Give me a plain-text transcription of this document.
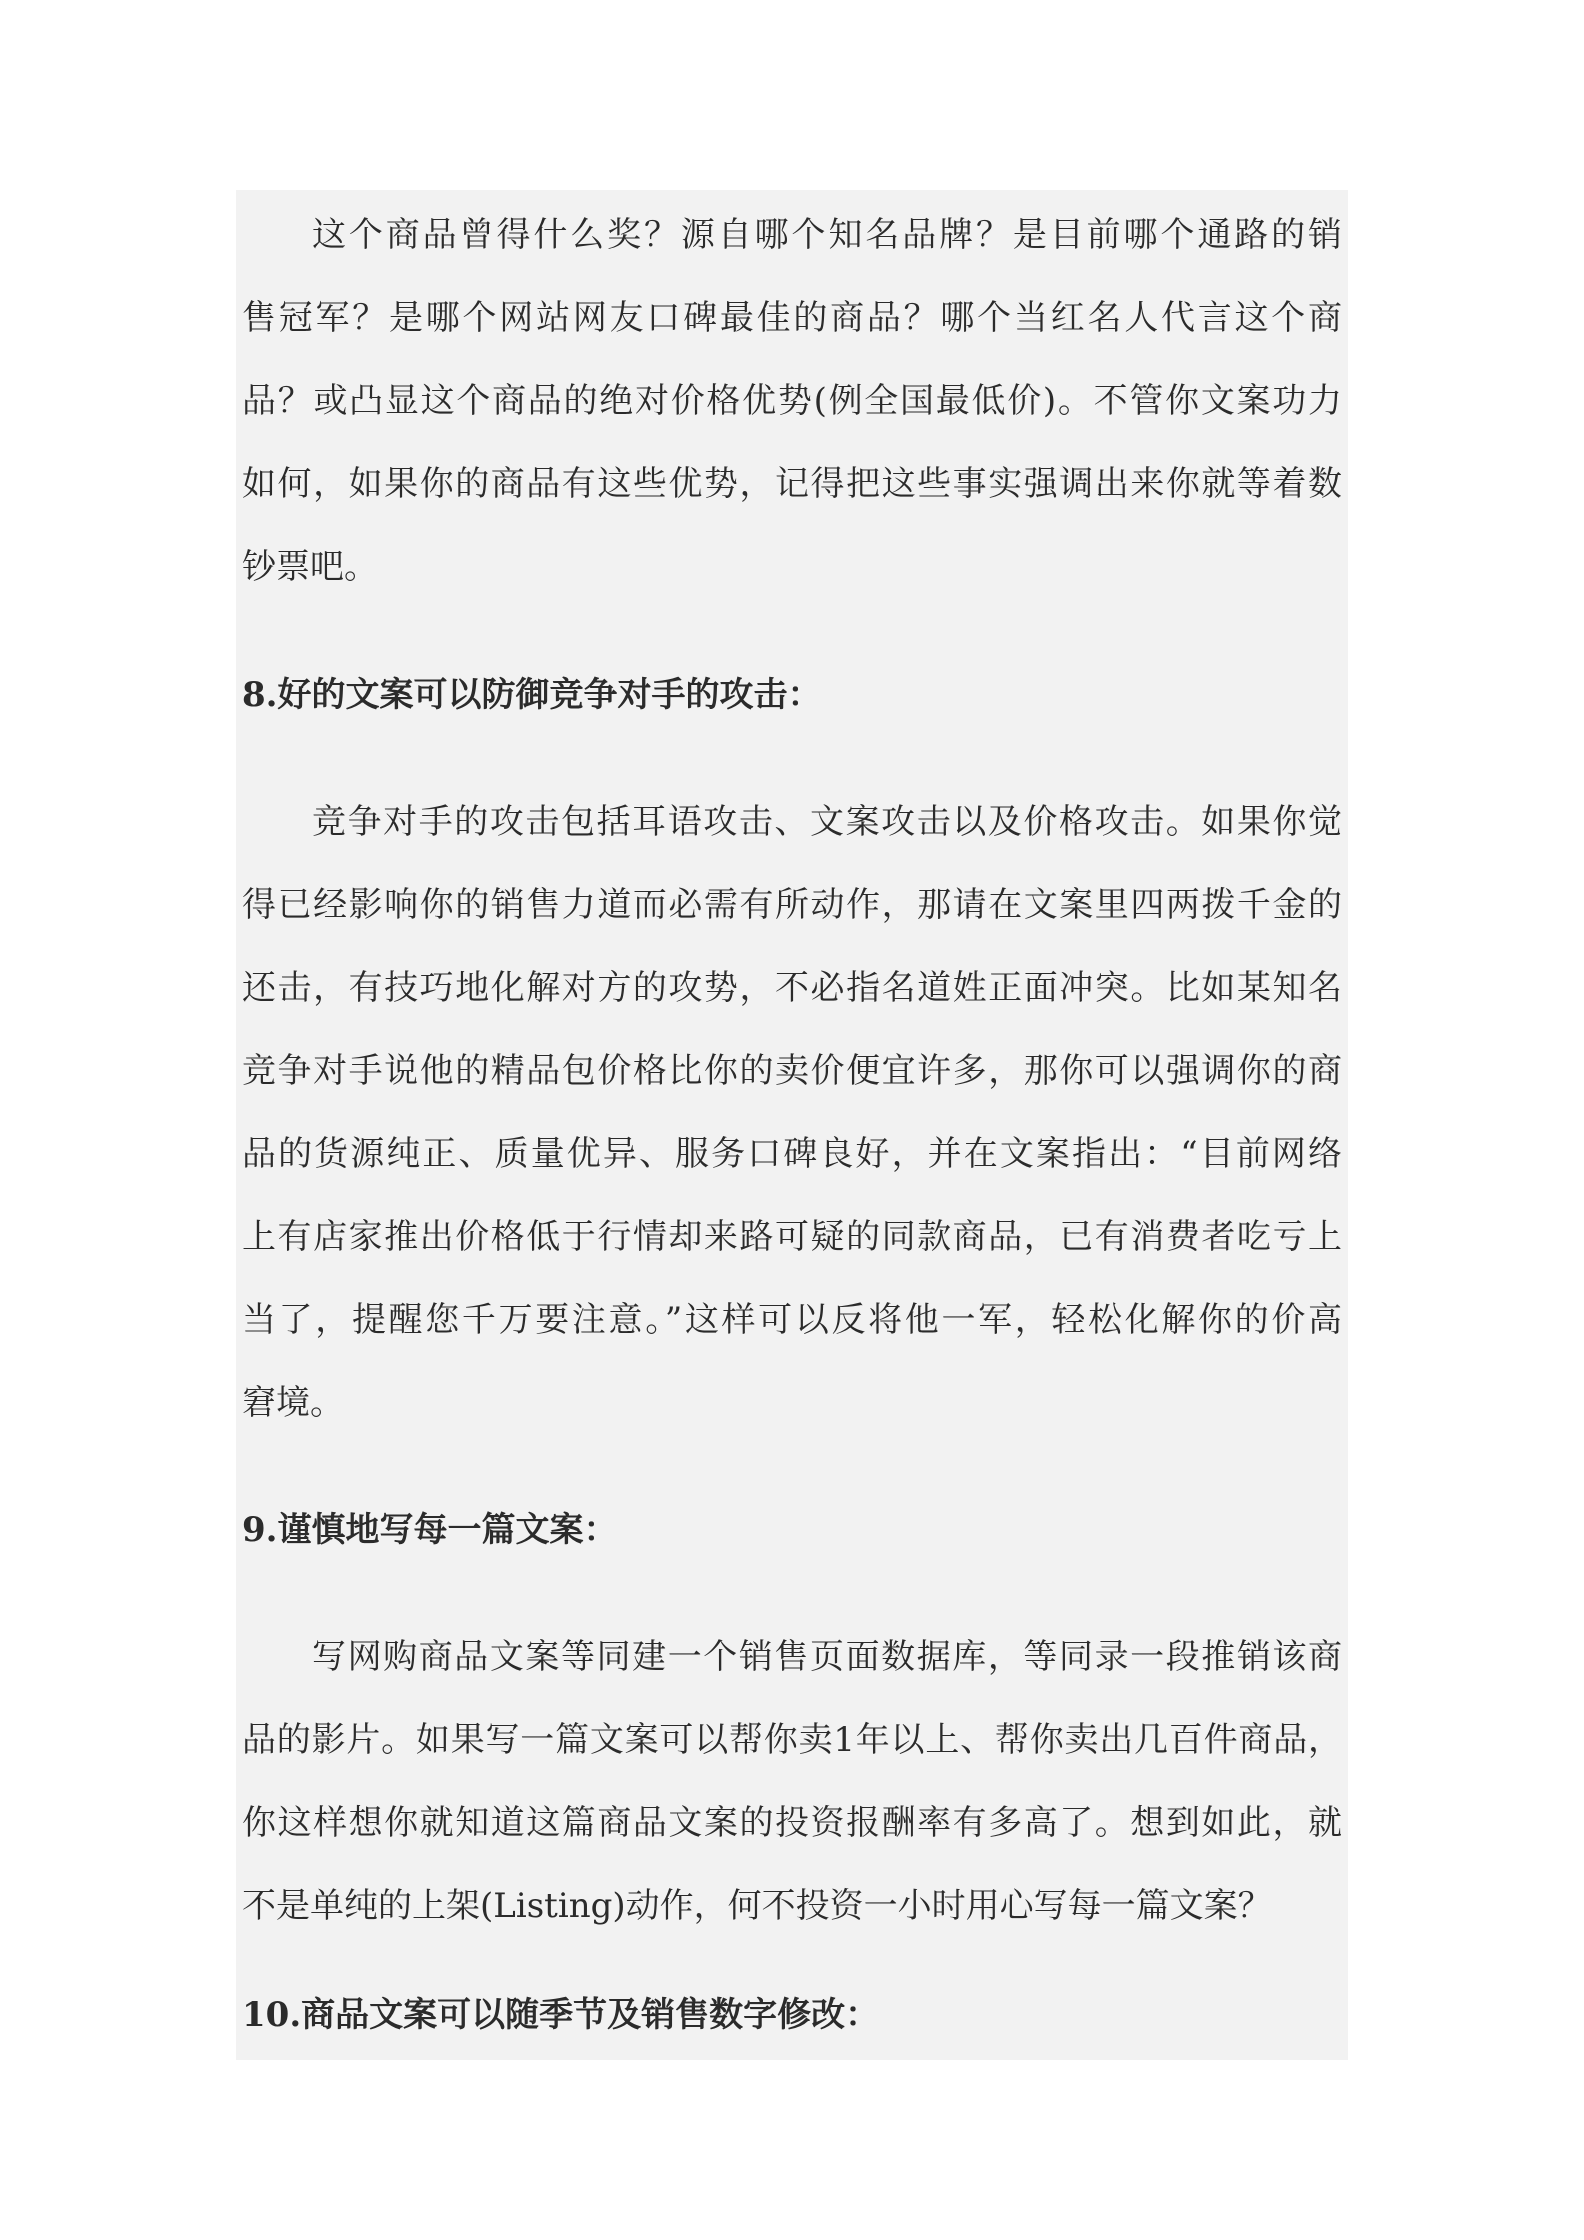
这个商品曾得什么奖？源自哪个知名品牌？是目前哪个通路的销
售冠军？是哪个网站网友口碑最佳的商品？哪个当红名人代言这个商
品？或凸显这个商品的绝对价格优势(例全国最低价)。不管你文案功力
如何，如果你的商品有这些优势，记得把这些事实强调出来你就等着数
钞票吧。
8.好的文案可以防御竞争对手的攻击：
竞争对手的攻击包括耳语攻击、文案攻击以及价格攻击。如果你觉
得已经影响你的销售力道而必需有所动作，那请在文案里四两拨千金的
还击，有技巧地化解对方的攻势，不必指名道姓正面冲突。比如某知名
竞争对手说他的精品包价格比你的卖价便宜许多，那你可以强调你的商
品的货源纯正、质量优异、服务口碑良好，并在文案指出：“目前网络
上有店家推出价格低于行情却来路可疑的同款商品，已有消费者吃亏上
当了，提醒您千万要注意。”这样可以反将他一军，轻松化解你的价高
窘境。
9.谨慎地写每一篇文案：
写网购商品文案等同建一个销售页面数据库，等同录一段推销该商
品的影片。如果写一篇文案可以帮你卖1年以上、帮你卖出几百件商品，
你这样想你就知道这篇商品文案的投资报酬率有多高了。想到如此，就
不是单纯的上架(Listing)动作，何不投资一小时用心写每一篇文案？
10.商品文案可以随季节及销售数字修改：
